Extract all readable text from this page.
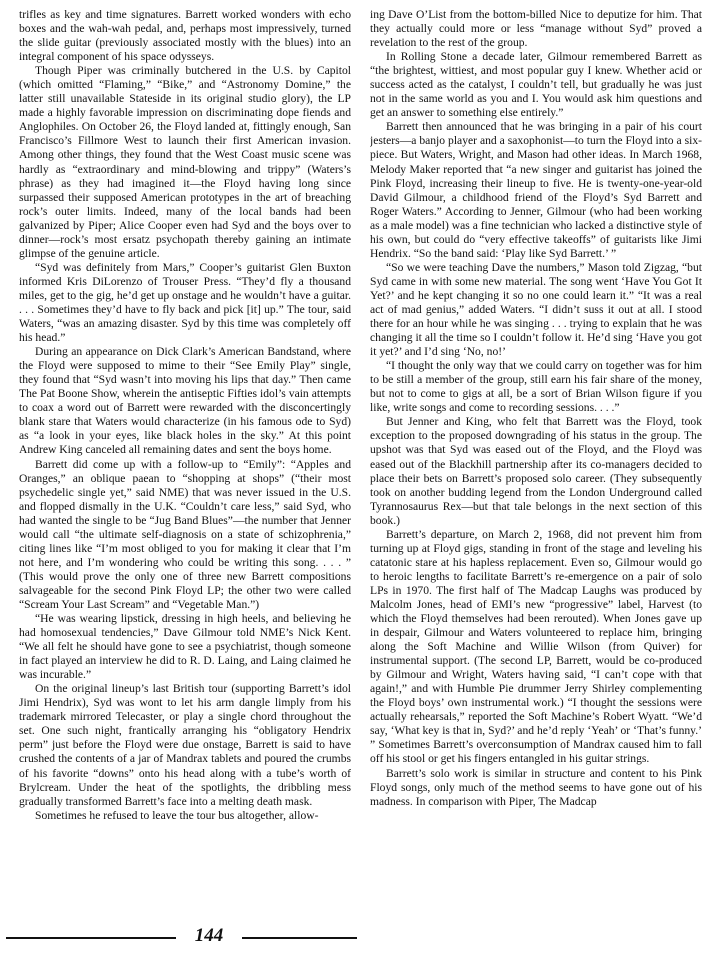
trifles as key and time signatures. Barrett worked wonders with echo boxes and the wah-wah pedal, and, perhaps most impressively, turned the slide guitar (previously associated mostly with the blues) into an integral component of his space odysseys.

Though Piper was criminally butchered in the U.S. by Capitol (which omitted “Flaming,” “Bike,” and “Astronomy Domine,” the latter still unavailable Stateside in its original studio glory), the LP made a highly favorable impression on discriminating dope fiends and Anglophiles. On October 26, the Floyd landed at, fittingly enough, San Francisco’s Fillmore West to launch their first American invasion. Among other things, they found that the West Coast music scene was hardly as “extraordinary and mind-blowing and trippy” (Waters’s phrase) as they had imagined it—the Floyd having long since surpassed their supposed American prototypes in the art of breaching rock’s outer limits. Indeed, many of the local bands had been galvanized by Piper; Alice Cooper even had Syd and the boys over to dinner—rock’s most ersatz psychopath thereby gaining an intimate glimpse of the genuine article.

“Syd was definitely from Mars,” Cooper’s guitarist Glen Buxton informed Kris DiLorenzo of Trouser Press. “They’d fly a thousand miles, get to the gig, he’d get up onstage and he wouldn’t have a guitar. . . . Sometimes they’d have to fly back and pick [it] up.” The tour, said Waters, “was an amazing disaster. Syd by this time was completely off his head.”

During an appearance on Dick Clark’s American Bandstand, where the Floyd were supposed to mime to their “See Emily Play” single, they found that “Syd wasn’t into moving his lips that day.” Then came The Pat Boone Show, wherein the antiseptic Fifties idol’s vain attempts to coax a word out of Barrett were rewarded with the disconcertingly blank stare that Waters would characterize (in his famous ode to Syd) as “a look in your eyes, like black holes in the sky.” At this point Andrew King canceled all remaining dates and sent the boys home.

Barrett did come up with a follow-up to “Emily”: “Apples and Oranges,” an oblique paean to “shopping at shops” (“their most psychedelic single yet,” said NME) that was never issued in the U.S. and flopped dismally in the U.K. “Couldn’t care less,” said Syd, who had wanted the single to be “Jug Band Blues”—the number that Jenner would call “the ultimate self-diagnosis on a state of schizophrenia,” citing lines like “I’m most obliged to you for making it clear that I’m not here, and I’m wondering who could be writing this song. . . . ” (This would prove the only one of three new Barrett compositions salvageable for the second Pink Floyd LP; the other two were called “Scream Your Last Scream” and “Vegetable Man.”)

“He was wearing lipstick, dressing in high heels, and believing he had homosexual tendencies,” Dave Gilmour told NME’s Nick Kent. “We all felt he should have gone to see a psychiatrist, though someone in fact played an interview he did to R. D. Laing, and Laing claimed he was incurable.”

On the original lineup’s last British tour (supporting Barrett’s idol Jimi Hendrix), Syd was wont to let his arm dangle limply from his trademark mirrored Telecaster, or play a single chord throughout the set. One such night, frantically arranging his “obligatory Hendrix perm” just before the Floyd were due onstage, Barrett is said to have crushed the contents of a jar of Mandrax tablets and poured the crumbs of his favorite “downs” onto his head along with a tube’s worth of Brylcream. Under the heat of the spotlights, the dribbling mess gradually transformed Barrett’s face into a melting death mask.

Sometimes he refused to leave the tour bus altogether, allow-

ing Dave O’List from the bottom-billed Nice to deputize for him. That they actually could more or less “manage without Syd” proved a revelation to the rest of the group.

In Rolling Stone a decade later, Gilmour remembered Barrett as “the brightest, wittiest, and most popular guy I knew. Whether acid or success acted as the catalyst, I couldn’t tell, but gradually he was just not in the same world as you and I. You would ask him questions and get an answer to something else entirely.”

Barrett then announced that he was bringing in a pair of his court jesters—a banjo player and a saxophonist—to turn the Floyd into a six-piece. But Waters, Wright, and Mason had other ideas. In March 1968, Melody Maker reported that “a new singer and guitarist has joined the Pink Floyd, increasing their lineup to five. He is twenty-one-year-old David Gilmour, a childhood friend of the Floyd’s Syd Barrett and Roger Waters.” According to Jenner, Gilmour (who had been working as a male model) was a fine technician who lacked a distinctive style of his own, but could do “very effective takeoffs” of guitarists like Jimi Hendrix. “So the band said: ‘Play like Syd Barrett.’ ”

“So we were teaching Dave the numbers,” Mason told Zigzag, “but Syd came in with some new material. The song went ‘Have You Got It Yet?’ and he kept changing it so no one could learn it.” “It was a real act of mad genius,” added Waters. “I didn’t suss it out at all. I stood there for an hour while he was singing . . . trying to explain that he was changing it all the time so I couldn’t follow it. He’d sing ‘Have you got it yet?’ and I’d sing ‘No, no!’

“I thought the only way that we could carry on together was for him to be still a member of the group, still earn his fair share of the money, but not to come to gigs at all, be a sort of Brian Wilson figure if you like, write songs and come to recording sessions. . . .”

But Jenner and King, who felt that Barrett was the Floyd, took exception to the proposed downgrading of his status in the group. The upshot was that Syd was eased out of the Floyd, and the Floyd was eased out of the Blackhill partnership after its co-managers decided to place their bets on Barrett’s proposed solo career. (They subsequently took on another budding legend from the London Underground called Tyrannosaurus Rex—but that tale belongs in the next section of this book.)

Barrett’s departure, on March 2, 1968, did not prevent him from turning up at Floyd gigs, standing in front of the stage and leveling his catatonic stare at his hapless replacement. Even so, Gilmour would go to heroic lengths to facilitate Barrett’s re-emergence on a pair of solo LPs in 1970. The first half of The Madcap Laughs was produced by Malcolm Jones, head of EMI’s new “progressive” label, Harvest (to which the Floyd themselves had been rerouted). When Jones gave up in despair, Gilmour and Waters volunteered to replace him, bringing along the Soft Machine and Willie Wilson (from Quiver) for instrumental support. (The second LP, Barrett, would be co-produced by Gilmour and Wright, Waters having said, “I can’t cope with that again!,” and with Humble Pie drummer Jerry Shirley complementing the Floyd boys’ own instrumental work.) “I thought the sessions were actually rehearsals,” reported the Soft Machine’s Robert Wyatt. “We’d say, ‘What key is that in, Syd?’ and he’d reply ‘Yeah’ or ‘That’s funny.’ ” Sometimes Barrett’s overconsumption of Mandrax caused him to fall off his stool or get his fingers entangled in his guitar strings.

Barrett’s solo work is similar in structure and content to his Pink Floyd songs, only much of the method seems to have gone out of his madness. In comparison with Piper, The Madcap

144
